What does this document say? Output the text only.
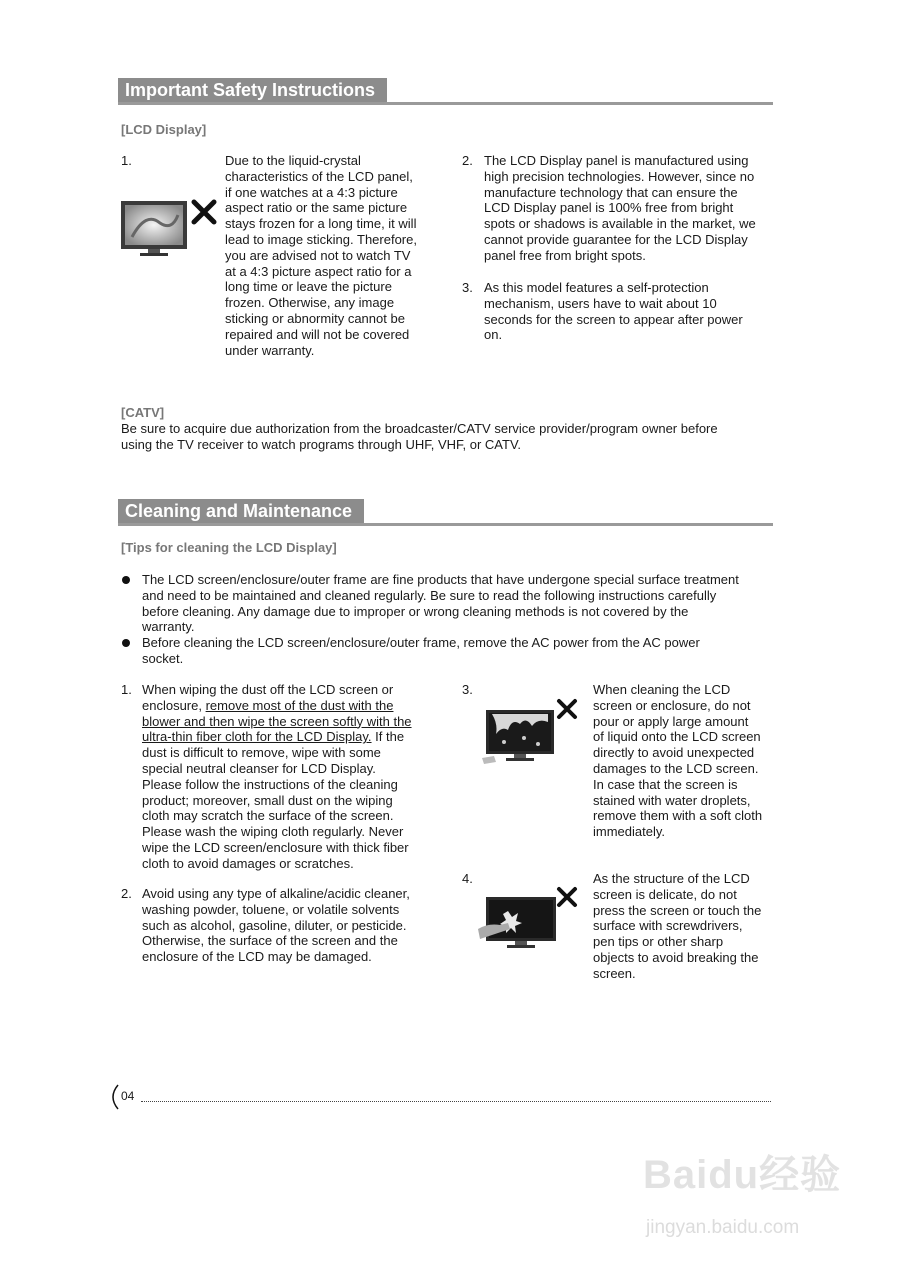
Important Safety Instructions
[LCD Display]
1.	Due to the liquid-crystal
characteristics of the LCD panel,
if one watches at a 4:3 picture
aspect ratio or the same picture
stays frozen for a long time, it will
lead to image sticking. Therefore,
you are advised not to watch TV
at a 4:3 picture aspect ratio for a
long time or leave the picture
frozen. Otherwise, any image
sticking or abnormity cannot be
repaired and will not be covered
under warranty.
2. The LCD Display panel is manufactured using
high precision technologies. However, since no
manufacture technology that can ensure the
LCD Display panel is 100% free from bright
spots or shadows is available in the market, we
cannot provide guarantee for the LCD Display
panel free from bright spots.
3. As this model features a self-protection
mechanism, users have to wait about 10
seconds for the screen to appear after power
on.
[CATV]
Be sure to acquire due authorization from the broadcaster/CATV service provider/program owner before
using the TV receiver to watch programs through UHF, VHF, or CATV.
Cleaning and Maintenance
[Tips for cleaning the LCD Display]
The LCD screen/enclosure/outer frame are fine products that have undergone special surface treatment
and need to be maintained and cleaned regularly. Be sure to read the following instructions carefully
before cleaning. Any damage due to improper or wrong cleaning methods is not covered by the
warranty.
Before cleaning the LCD screen/enclosure/outer frame, remove the AC power from the AC power
socket.
1. When wiping the dust off the LCD screen or
enclosure, remove most of the dust with the
blower and then wipe the screen softly with the
ultra-thin fiber cloth for the LCD Display. If the
dust is difficult to remove, wipe with some
special neutral cleanser for LCD Display.
Please follow the instructions of the cleaning
product; moreover, small dust on the wiping
cloth may scratch the surface of the screen.
Please wash the wiping cloth regularly. Never
wipe the LCD screen/enclosure with thick fiber
cloth to avoid damages or scratches.
2. Avoid using any type of alkaline/acidic cleaner,
washing powder, toluene, or volatile solvents
such as alcohol, gasoline, diluter, or pesticide.
Otherwise, the surface of the screen and the
enclosure of the LCD may be damaged.
3.	When cleaning the LCD
screen or enclosure, do not
pour or apply large amount
of liquid onto the LCD screen
directly to avoid unexpected
damages to the LCD screen.
In case that the screen is
stained with water droplets,
remove them with a soft cloth
immediately.
4.	As the structure of the LCD
screen is delicate, do not
press the screen or touch the
surface with screwdrivers,
pen tips or other sharp
objects to avoid breaking the
screen.
04
Baidu经验
jingyan.baidu.com
